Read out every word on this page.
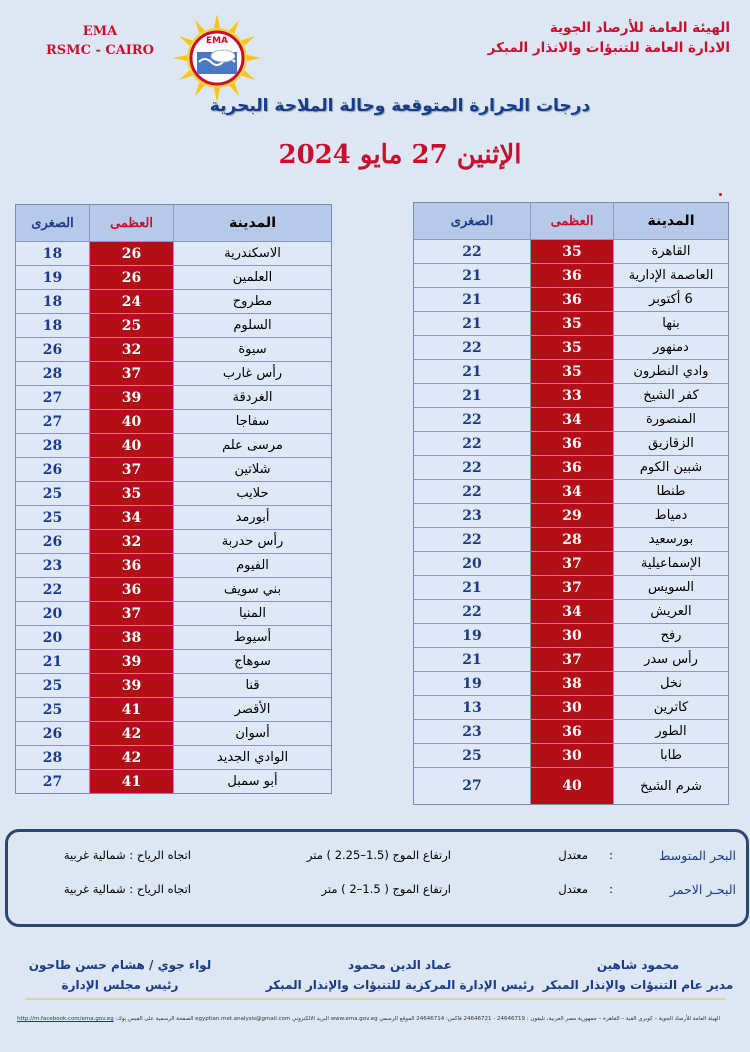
EMA
RSMC - CAIRO
EMA
الهيئة العامة للأرصاد الجوية
الادارة العامة للتنبؤات والانذار المبكر
درجات الحرارة المتوقعة وحالة الملاحة البحرية
الإثنين 27 مايو 2024
المدينة
العظمى
الصغرى
القاهرة
35
22
العاصمة الإدارية
36
21
6 أكتوبر
36
21
بنها
35
21
دمنهور
35
22
وادي النطرون
35
21
كفر الشيخ
33
21
المنصورة
34
22
الزقازيق
36
22
شبين الكوم
36
22
طنطا
34
22
دمياط
29
23
بورسعيد
28
22
الإسماعيلية
37
20
السويس
37
21
العريش
34
22
رفح
30
19
رأس سدر
37
21
نخل
38
19
كاترين
30
13
الطور
36
23
طابا
30
25
شرم الشيخ
40
27
المدينة
العظمى
الصغرى
الاسكندرية
26
18
العلمين
26
19
مطروح
24
18
السلوم
25
18
سيوة
32
26
رأس غارب
37
28
الغردقة
39
27
سفاجا
40
27
مرسى علم
40
28
شلاتين
37
26
حلايب
35
25
أبورمد
34
25
رأس حدربة
32
26
الفيوم
36
23
بني سويف
36
22
المنيا
37
20
أسيوط
38
20
سوهاج
39
21
قنا
39
25
الأقصر
41
25
أسوان
42
26
الوادي الجديد
42
28
أبو سمبل
41
27
البحر المتوسط
:
معتدل
ارتفاع الموج (1.5–2.25 ) متر
اتجاه الرياح : شمالية غربية
البحـر الاحمر
:
معتدل
ارتفاع الموج ( 1.5–2 ) متر
اتجاه الرياح : شمالية غربية
محمود شاهين
مدير عام التنبؤات والإنذار المبكر
عماد الدين محمود
رئيس الإدارة المركزية للتنبؤات والإنذار المبكر
لواء جوي / هشام حسن طاحون
رئيس مجلس الإدارة
الهيئة العامة للأرصاد الجوية – كوبري القبة – القاهرة – جمهورية مصر العربية، تليفون : 24646719 - 24646721 فاكس: 24646714 الموقع الرسمي www.ema.gov.eg البريد الالكتروني egyptian.met.analysis@gmail.com الصفحة الرسمية على الفيس بوك: http://m.facebook.com/ema.gov.eg
